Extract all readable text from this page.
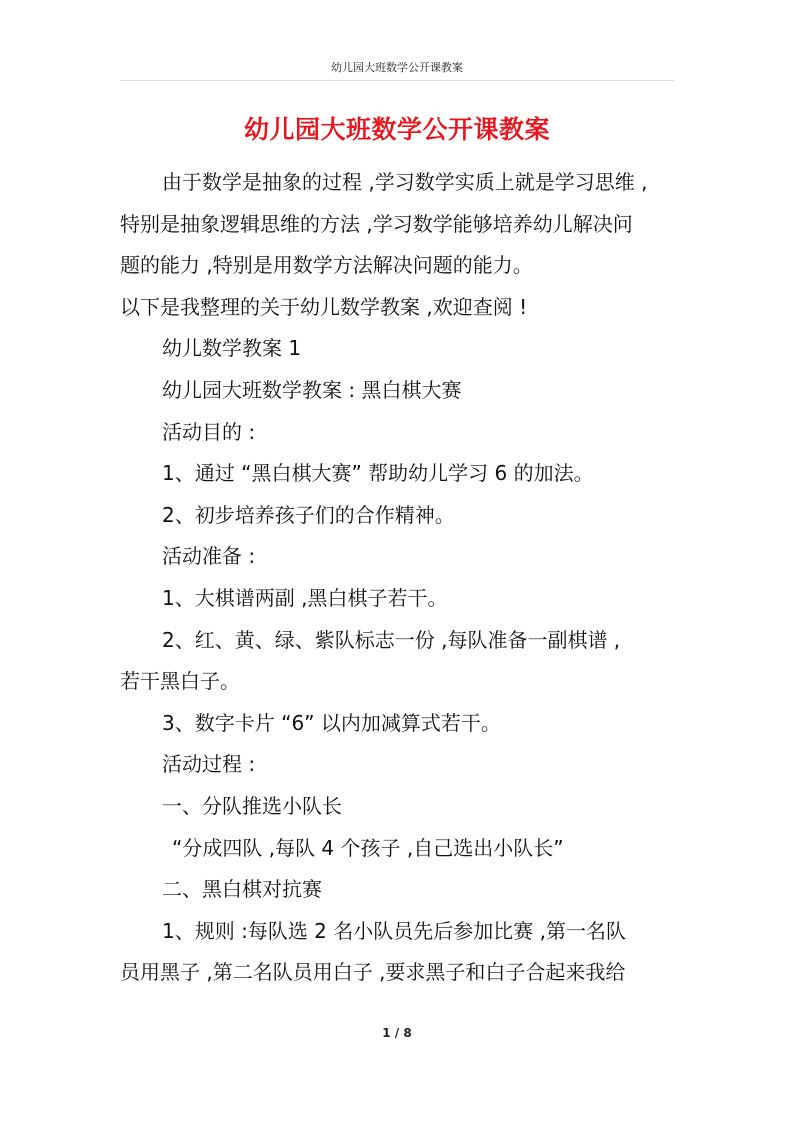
幼儿园大班数学公开课教案
幼儿园大班数学公开课教案

由于数学是抽象的过程 ,学习数学实质上就是学习思维 ,

特别是抽象逻辑思维的方法 ,学习数学能够培养幼儿解决问

题的能力 ,特别是用数学方法解决问题的能力。

以下是我整理的关于幼儿数学教案 ,欢迎查阅 !

幼儿数学教案 1

幼儿园大班数学教案 : 黑白棋大赛

活动目的 :

1、通过 “黑白棋大赛” 帮助幼儿学习 6 的加法。

2、初步培养孩子们的合作精神。

活动准备 :

1、大棋谱两副 ,黑白棋子若干。

2、红、黄、绿、紫队标志一份 ,每队准备一副棋谱 ,

若干黑白子。

3、数字卡片 “6” 以内加减算式若干。

活动过程 :

一、分队推选小队长

“分成四队 ,每队 4 个孩子 ,自己选出小队长”

二、黑白棋对抗赛

1、规则 :每队选 2 名小队员先后参加比赛 ,第一名队

员用黑子 ,第二名队员用白子 ,要求黑子和白子合起来我给

1 / 8
